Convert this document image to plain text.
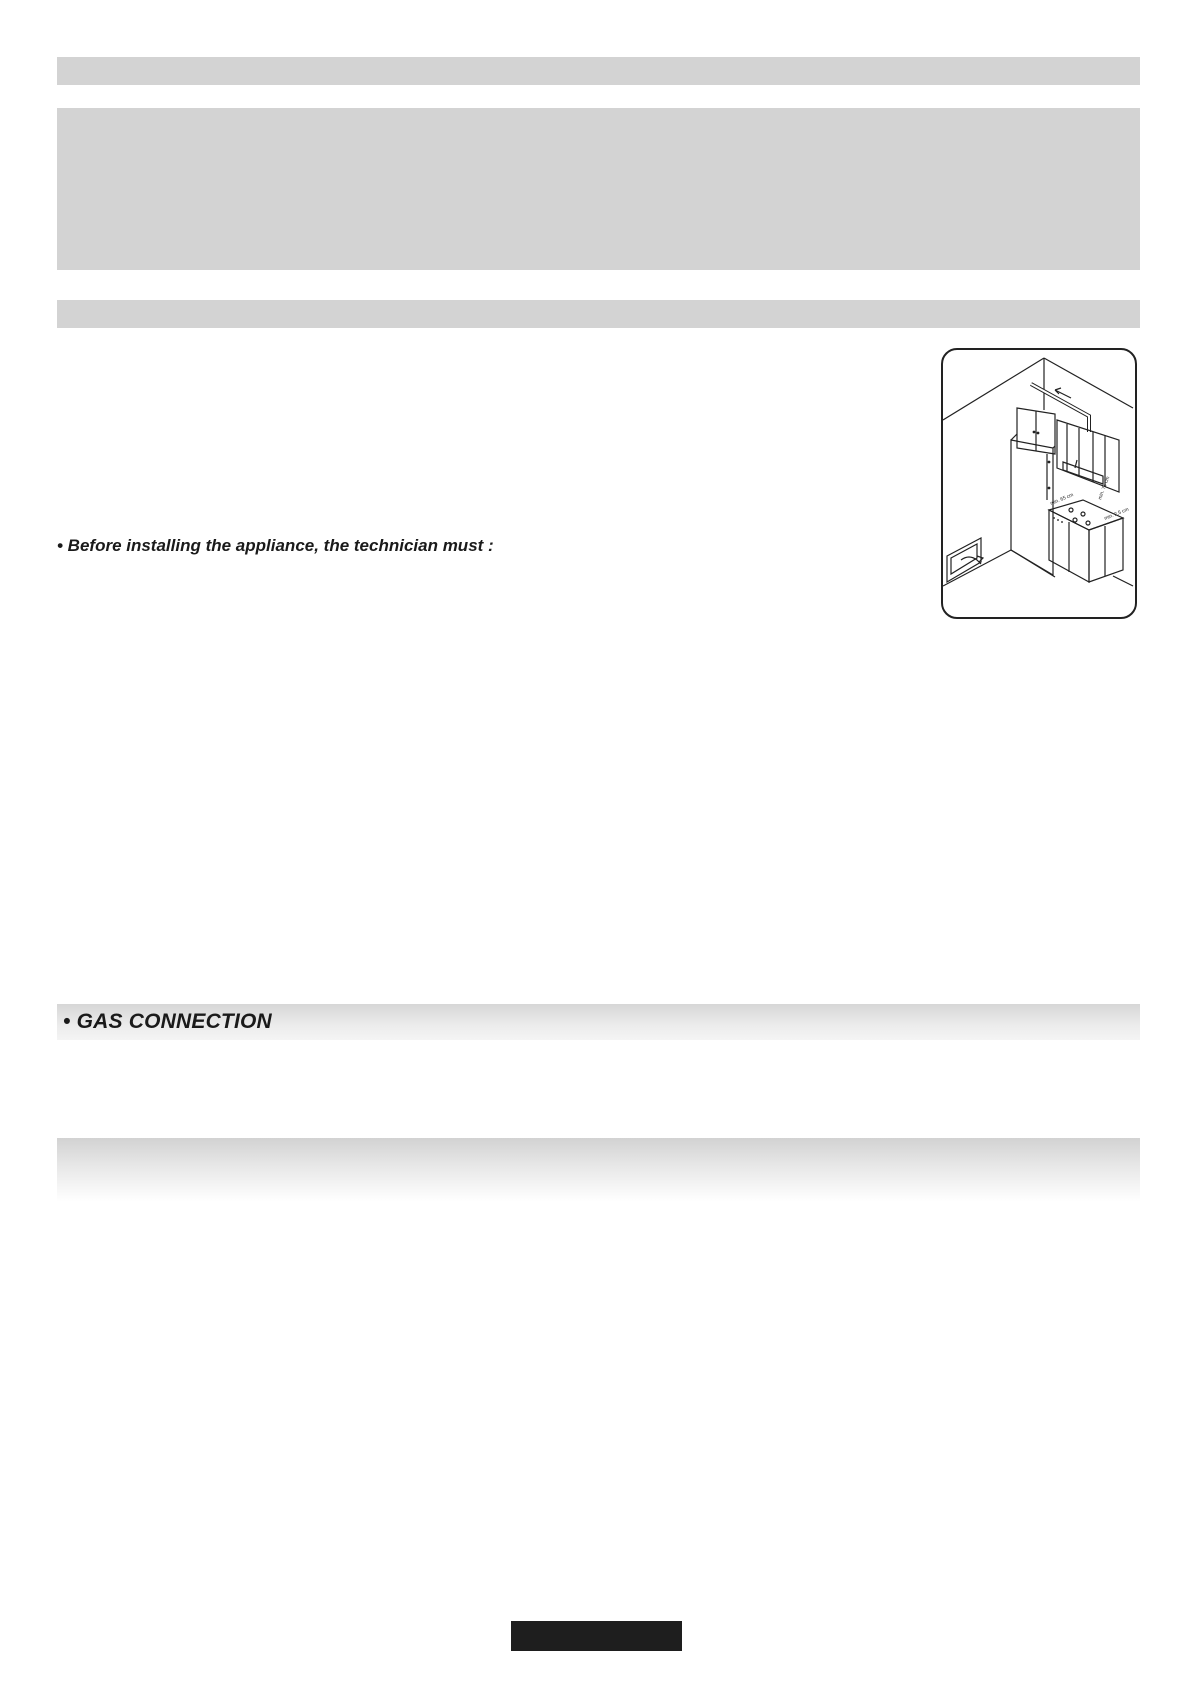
• Before installing the appliance, the technician must :
min. 65 cm	min. 75 cm
min. 2,5 cm
• GAS CONNECTION
